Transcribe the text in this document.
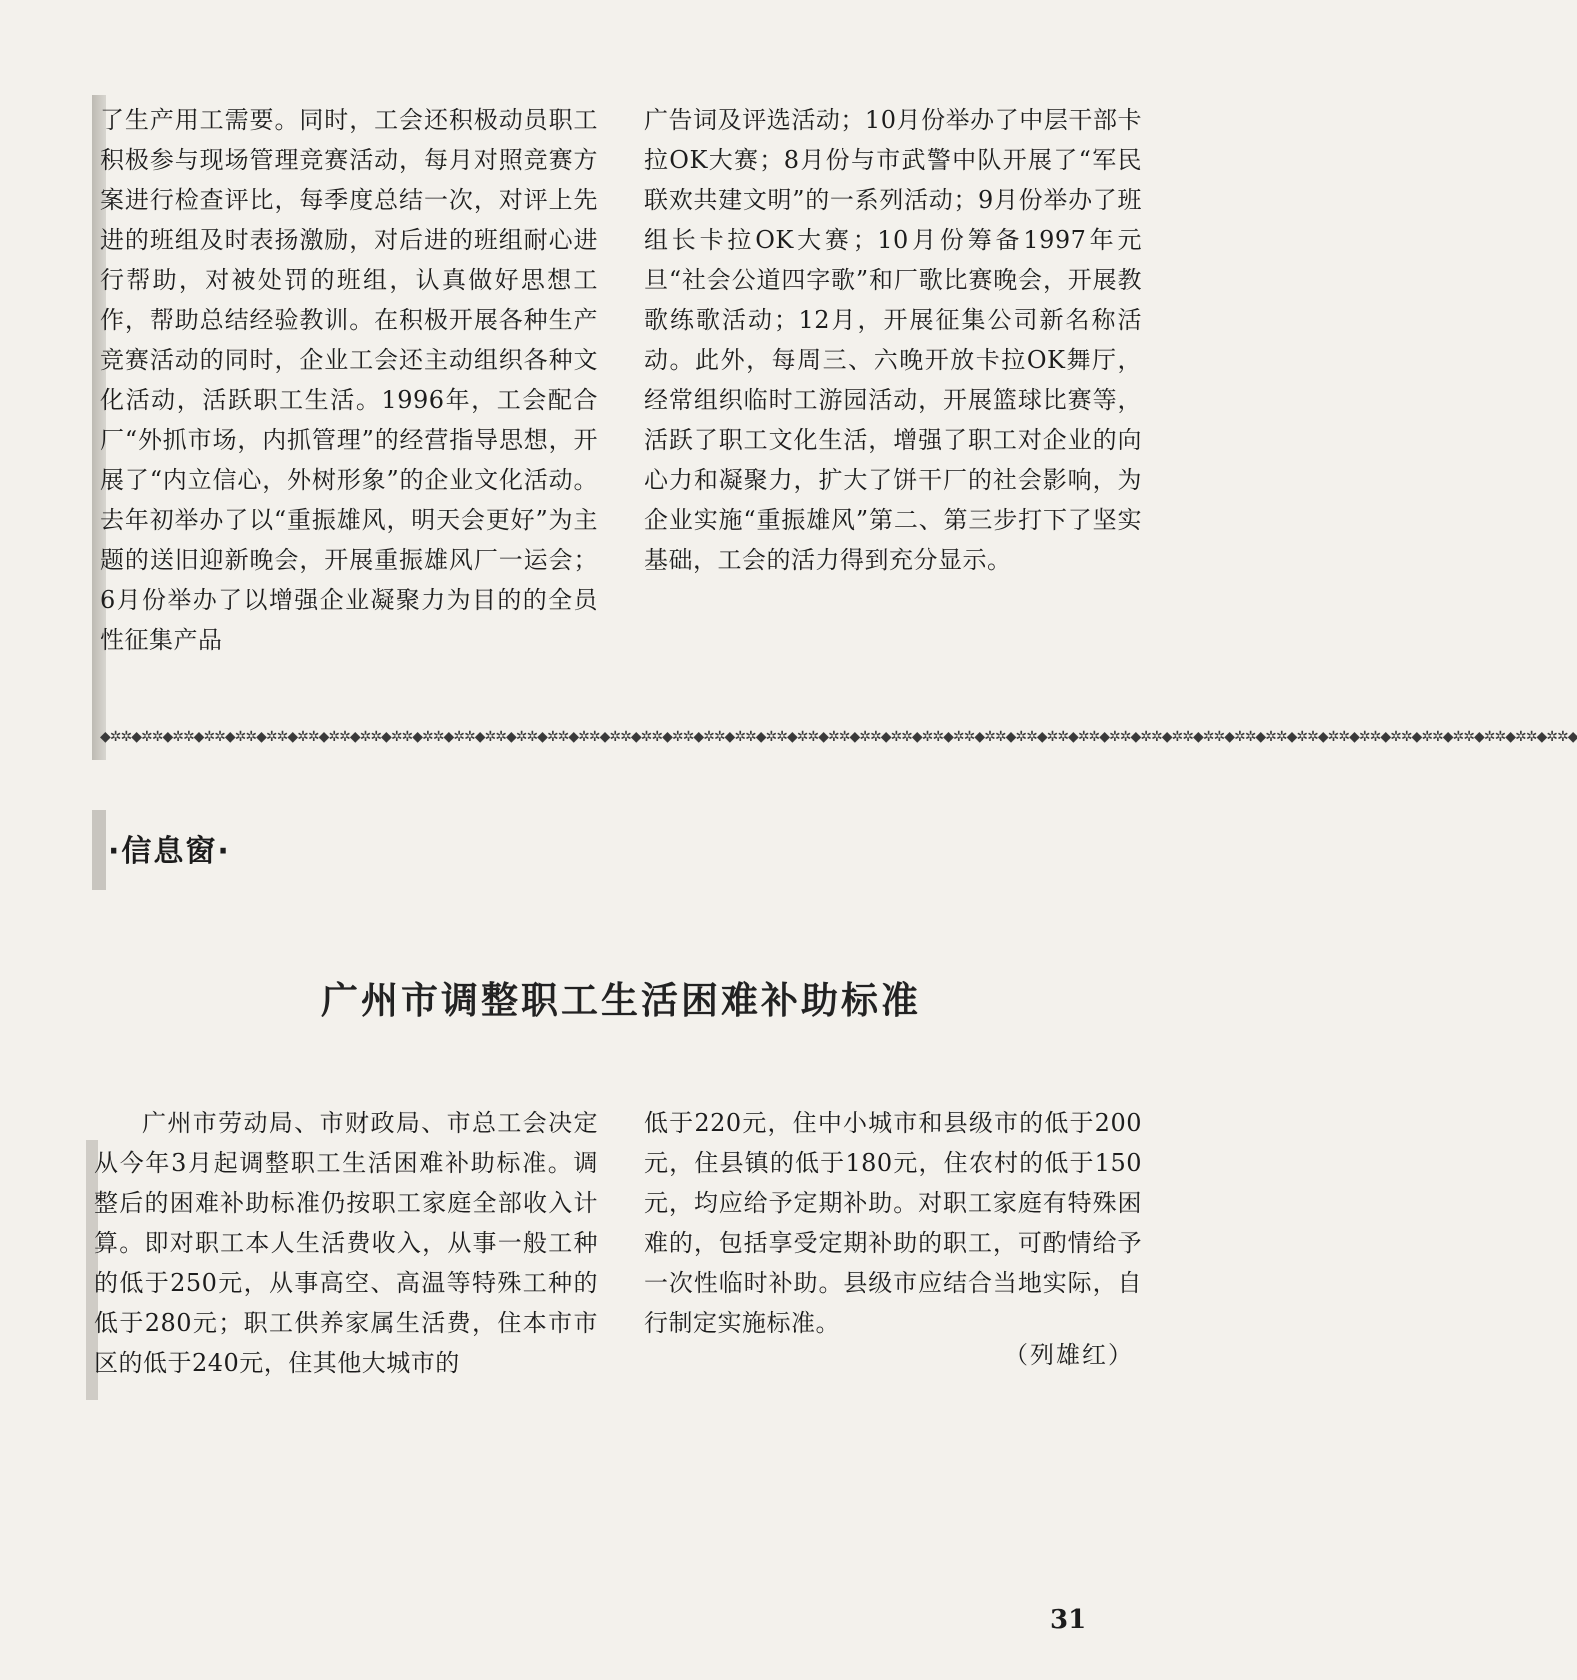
了生产用工需要。同时，工会还积极动员职工积极参与现场管理竞赛活动，每月对照竞赛方案进行检查评比，每季度总结一次，对评上先进的班组及时表扬激励，对后进的班组耐心进行帮助，对被处罚的班组，认真做好思想工作，帮助总结经验教训。在积极开展各种生产竞赛活动的同时，企业工会还主动组织各种文化活动，活跃职工生活。1996年，工会配合厂“外抓市场，内抓管理”的经营指导思想，开展了“内立信心，外树形象”的企业文化活动。去年初举办了以“重振雄风，明天会更好”为主题的送旧迎新晚会，开展重振雄风厂一运会；6月份举办了以增强企业凝聚力为目的的全员性征集产品

广告词及评选活动；10月份举办了中层干部卡拉OK大赛；8月份与市武警中队开展了“军民联欢共建文明”的一系列活动；9月份举办了班组长卡拉OK大赛；10月份筹备1997年元旦“社会公道四字歌”和厂歌比赛晚会，开展教歌练歌活动；12月，开展征集公司新名称活动。此外，每周三、六晚开放卡拉OK舞厅，经常组织临时工游园活动，开展篮球比赛等，活跃了职工文化生活，增强了职工对企业的向心力和凝聚力，扩大了饼干厂的社会影响，为企业实施“重振雄风”第二、第三步打下了坚实基础，工会的活力得到充分显示。

◆✲✲◆✲✲◆✲✲◆✲✲◆✲✲◆✲✲◆✲✲◆✲✲◆✲✲◆✲✲◆✲✲◆✲✲◆✲✲◆✲✲◆✲✲◆✲✲◆✲✲◆✲✲◆✲✲◆✲✲◆✲✲◆✲✲◆✲✲◆✲✲◆✲✲◆✲✲◆✲✲◆✲✲◆✲✲◆✲✲◆✲✲◆✲✲◆✲✲◆✲✲◆✲✲◆✲✲◆✲✲◆✲✲◆✲✲◆✲✲◆✲✲◆✲✲◆✲✲◆✲✲◆✲✲◆✲✲◆✲✲◆
·信息窗·
广州市调整职工生活困难补助标准

广州市劳动局、市财政局、市总工会决定从今年3月起调整职工生活困难补助标准。调整后的困难补助标准仍按职工家庭全部收入计算。即对职工本人生活费收入，从事一般工种的低于250元，从事高空、高温等特殊工种的低于280元；职工供养家属生活费，住本市市区的低于240元，住其他大城市的

低于220元，住中小城市和县级市的低于200元，住县镇的低于180元，住农村的低于150元，均应给予定期补助。对职工家庭有特殊困难的，包括享受定期补助的职工，可酌情给予一次性临时补助。县级市应结合当地实际，自行制定实施标准。

（列雄红）
31
